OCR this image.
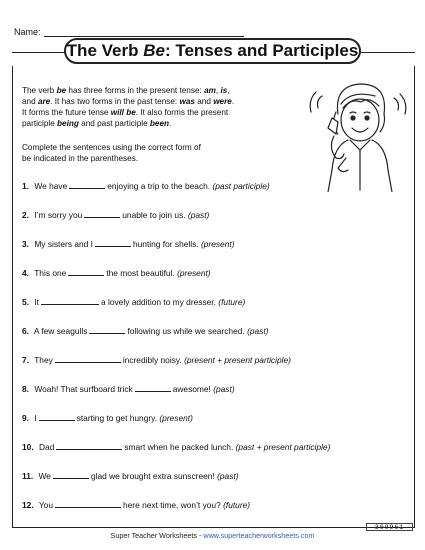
Name:
The Verb Be : Tenses and Participles
The verb be has three forms in the present tense: am, is,
and are. It has two forms in the past tense: was and were.
It forms the future tense will be. It also forms the present
participle being and past participle been.
Complete the sentences using the correct form of
be indicated in the parentheses.
1. We have	enjoying a trip to the beach. (past participle)
2. I’m sorry you	unable to join us. (past)
3. My sisters and I	hunting for shells. (present)
4. This one	the most beautiful. (present)
5. It	a lovely addition to my dresser. (future)
6. A few seagulls	following us while we searched. (past)
7. They	incredibly noisy. (present + present participle)
8. Woah! That surfboard trick	awesome! (past)
9. I	starting to get hungry. (present)
10. Dad	smart when he packed lunch. (past + present participle)
11. We	glad we brought extra sunscreen! (past)
12. You	here next time, won’t you? (future)
300961
Super Teacher Worksheets - www.superteacherworksheets.com
